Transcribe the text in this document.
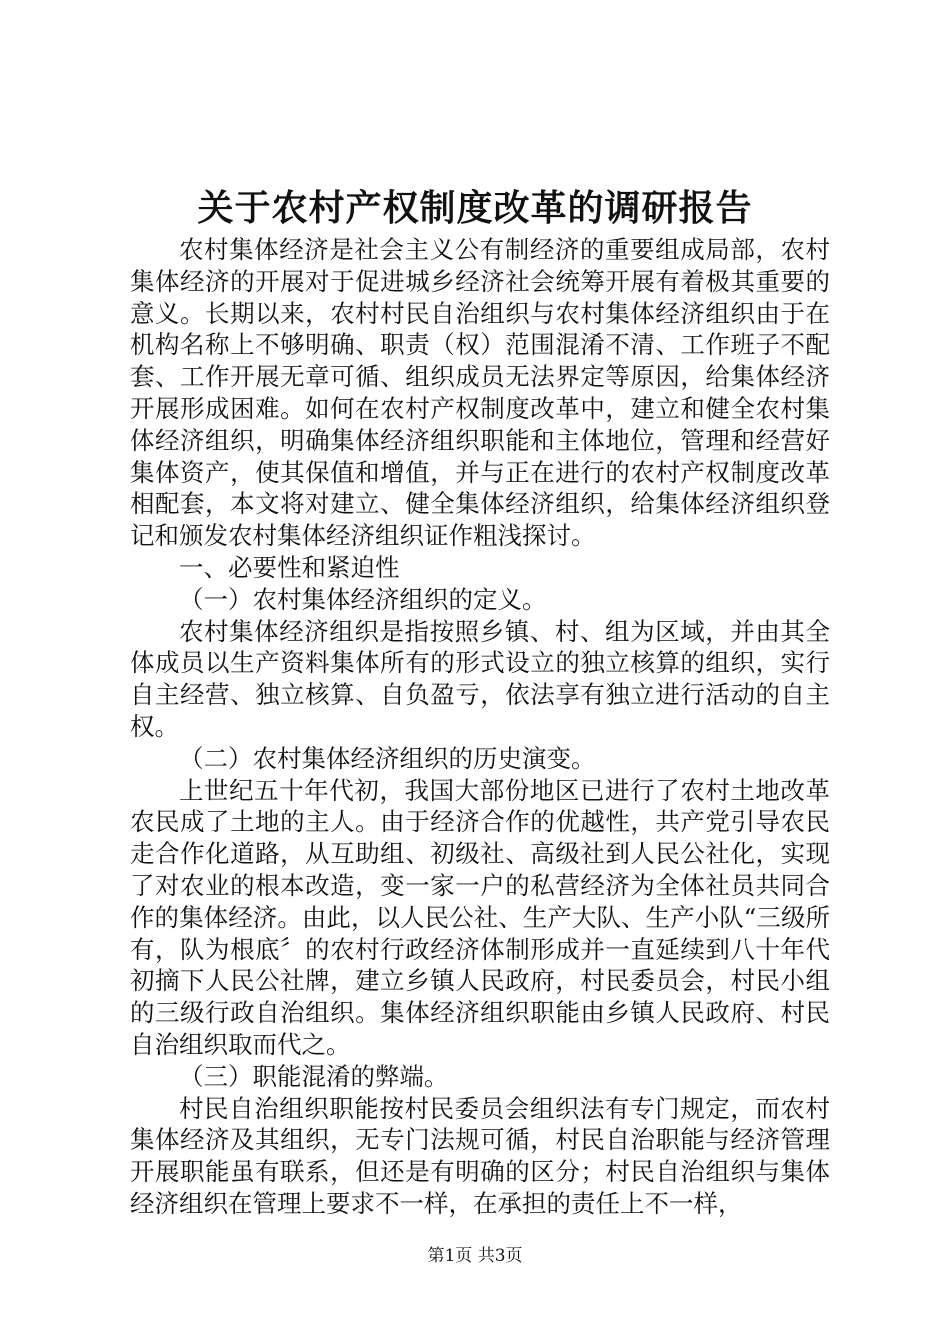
关于农村产权制度改革的调研报告

农村集体经济是社会主义公有制经济的重要组成局部，农村集体经济的开展对于促进城乡经济社会统筹开展有着极其重要的意义。长期以来，农村村民自治组织与农村集体经济组织由于在机构名称上不够明确、职责（权）范围混淆不清、工作班子不配套、工作开展无章可循、组织成员无法界定等原因，给集体经济开展形成困难。如何在农村产权制度改革中，建立和健全农村集体经济组织，明确集体经济组织职能和主体地位，管理和经营好集体资产，使其保值和增值，并与正在进行的农村产权制度改革相配套，本文将对建立、健全集体经济组织，给集体经济组织登记和颁发农村集体经济组织证作粗浅探讨。

一、必要性和紧迫性

（一）农村集体经济组织的定义。

农村集体经济组织是指按照乡镇、村、组为区域，并由其全体成员以生产资料集体所有的形式设立的独立核算的组织，实行自主经营、独立核算、自负盈亏，依法享有独立进行活动的自主权。

（二）农村集体经济组织的历史演变。

上世纪五十年代初，我国大部份地区已进行了农村土地改革农民成了土地的主人。由于经济合作的优越性，共产党引导农民走合作化道路，从互助组、初级社、高级社到人民公社化，实现了对农业的根本改造，变一家一户的私营经济为全体社员共同合作的集体经济。由此，以人民公社、生产大队、生产小队“三级所有，队为根底〞的农村行政经济体制形成并一直延续到八十年代初摘下人民公社牌，建立乡镇人民政府，村民委员会，村民小组的三级行政自治组织。集体经济组织职能由乡镇人民政府、村民自治组织取而代之。

（三）职能混淆的弊端。

村民自治组织职能按村民委员会组织法有专门规定，而农村集体经济及其组织，无专门法规可循，村民自治职能与经济管理开展职能虽有联系，但还是有明确的区分；村民自治组织与集体经济组织在管理上要求不一样，在承担的责任上不一样，

第1页 共3页
